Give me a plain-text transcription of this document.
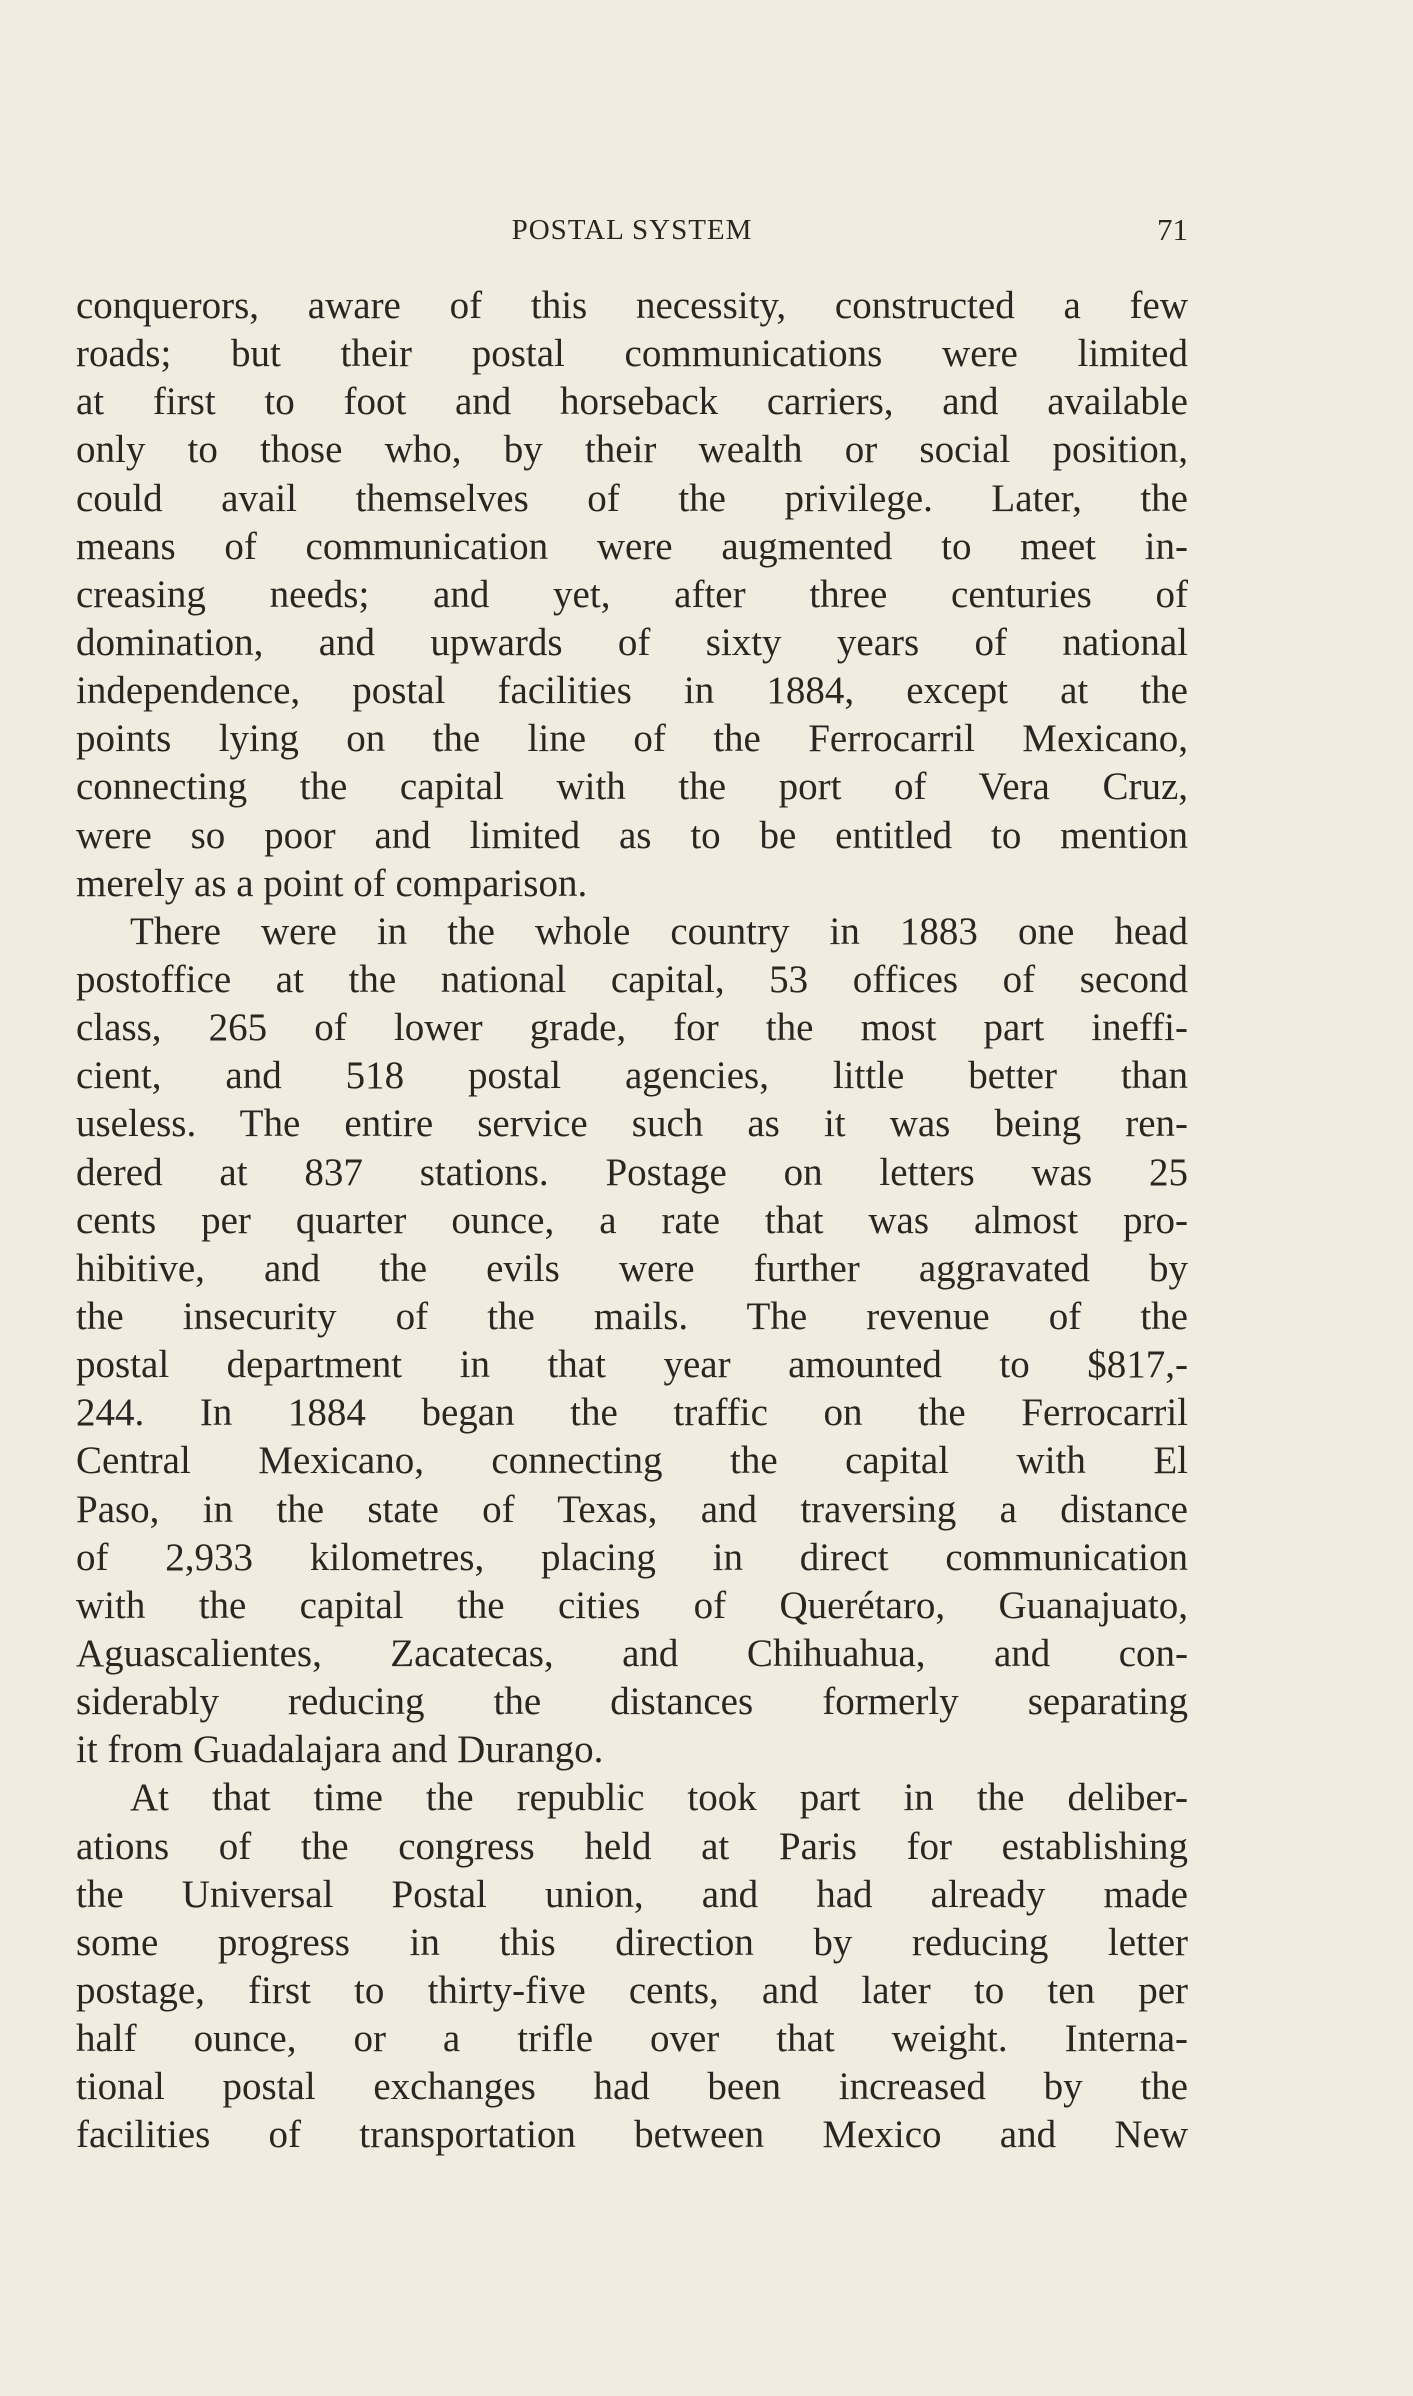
POSTAL SYSTEM	71
conquerors, aware of this necessity, constructed a few
roads; but their postal communications were limited
at first to foot and horseback carriers, and available
only to those who, by their wealth or social position,
could avail themselves of the privilege. Later, the
means of communication were augmented to meet in-
creasing needs; and yet, after three centuries of
domination, and upwards of sixty years of national
independence, postal facilities in 1884, except at the
points lying on the line of the Ferrocarril Mexicano,
connecting the capital with the port of Vera Cruz,
were so poor and limited as to be entitled to mention
merely as a point of comparison.
There were in the whole country in 1883 one head
postoffice at the national capital, 53 offices of second
class, 265 of lower grade, for the most part ineffi-
cient, and 518 postal agencies, little better than
useless. The entire service such as it was being ren-
dered at 837 stations. Postage on letters was 25
cents per quarter ounce, a rate that was almost pro-
hibitive, and the evils were further aggravated by
the insecurity of the mails. The revenue of the
postal department in that year amounted to $817,-
244. In 1884 began the traffic on the Ferrocarril
Central Mexicano, connecting the capital with El
Paso, in the state of Texas, and traversing a distance
of 2,933 kilometres, placing in direct communication
with the capital the cities of Querétaro, Guanajuato,
Aguascalientes, Zacatecas, and Chihuahua, and con-
siderably reducing the distances formerly separating
it from Guadalajara and Durango.
At that time the republic took part in the deliber-
ations of the congress held at Paris for establishing
the Universal Postal union, and had already made
some progress in this direction by reducing letter
postage, first to thirty-five cents, and later to ten per
half ounce, or a trifle over that weight. Interna-
tional postal exchanges had been increased by the
facilities of transportation between Mexico and New
